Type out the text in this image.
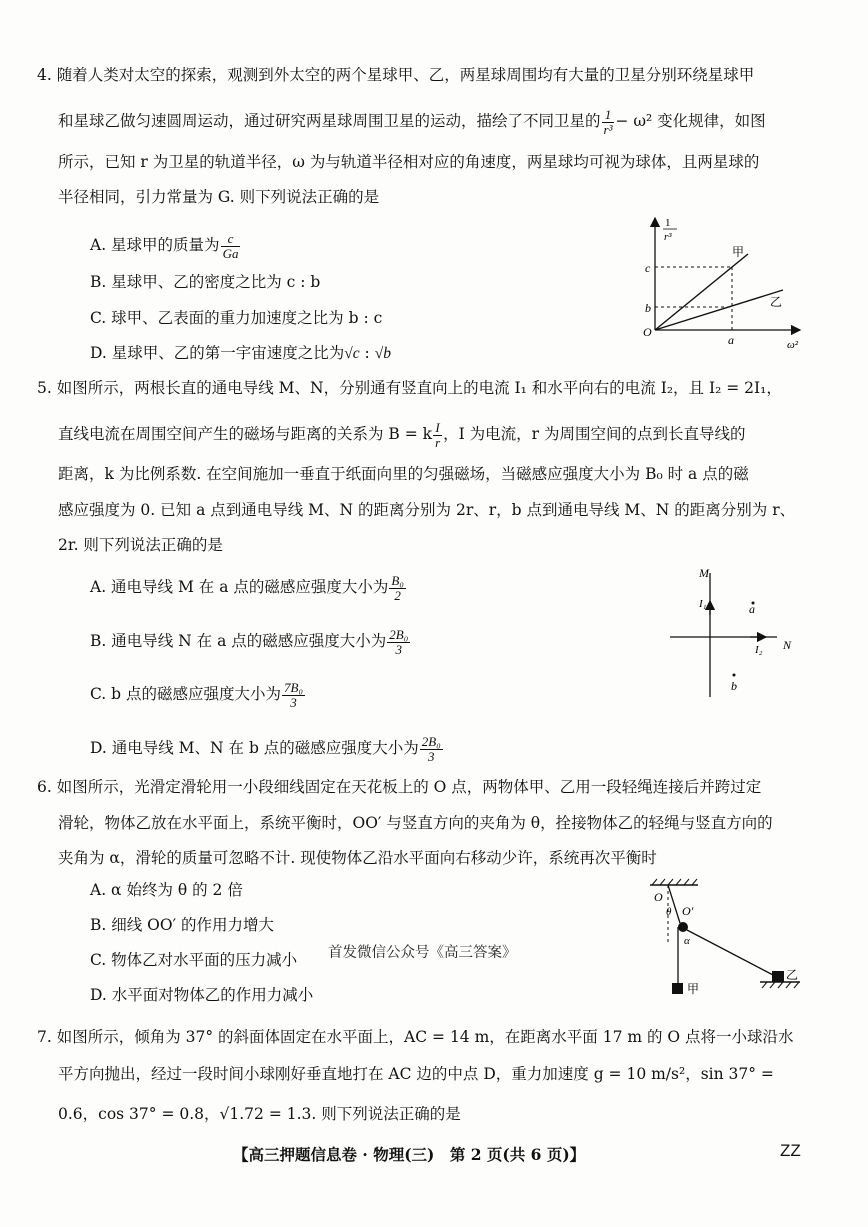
4. 随着人类对太空的探索，观测到外太空的两个星球甲、乙，两星球周围均有大量的卫星分别环绕星球甲
和星球乙做匀速圆周运动，通过研究两星球周围卫星的运动，描绘了不同卫星的 $\frac{1}{\text{r³}} - \omega^2$ 变化规律，如图
所示，已知 r 为卫星的轨道半径，ω 为与轨道半径相对应的角速度，两星球均可视为球体，且两星球的
半径相同，引力常量为 G. 则下列说法正确的是
A. 星球甲的质量为 $\frac{c}{Ga}$
B. 星球甲、乙的密度之比为 c : b
C. 球甲、乙表面的重力加速度之比为 b : c
D. 星球甲、乙的第一宇宙速度之比为√c : √b
1
r³
ω²
O
c
b
a
甲
乙
5. 如图所示，两根长直的通电导线 M、N，分别通有竖直向上的电流 I₁ 和水平向右的电流 I₂，且 I₂ = 2I₁，
直线电流在周围空间产生的磁场与距离的关系为 B = k $\frac{I}{r}$ ，I 为电流，r 为周围空间的点到长直导线的
距离，k 为比例系数. 在空间施加一垂直于纸面向里的匀强磁场，当磁感应强度大小为 B₀ 时 a 点的磁
感应强度为 0. 已知 a 点到通电导线 M、N 的距离分别为 2r、r，b 点到通电导线 M、N 的距离分别为 r、
2r. 则下列说法正确的是
A. 通电导线 M 在 a 点的磁感应强度大小为 $\frac{\text{B₀}}{2}$
B. 通电导线 N 在 a 点的磁感应强度大小为 $\frac{\text{2B₀}}{3}$
C. b 点的磁感应强度大小为 $\frac{\text{7B₀}}{3}$
D. 通电导线 M、N 在 b 点的磁感应强度大小为 $\frac{\text{2B₀}}{3}$
M
N
I₁
I₂
a
b
6. 如图所示，光滑定滑轮用一小段细线固定在天花板上的 O 点，两物体甲、乙用一段轻绳连接后并跨过定
滑轮，物体乙放在水平面上，系统平衡时，OO′ 与竖直方向的夹角为 θ，拴接物体乙的轻绳与竖直方向的
夹角为 α，滑轮的质量可忽略不计. 现使物体乙沿水平面向右移动少许，系统再次平衡时
A. α 始终为 θ 的 2 倍
B. 细线 OO′ 的作用力增大
C. 物体乙对水平面的压力减小
D. 水平面对物体乙的作用力减小
首发微信公众号《高三答案》
O
O′
θ
α
甲
乙
7. 如图所示，倾角为 37° 的斜面体固定在水平面上，AC = 14 m，在距离水平面 17 m 的 O 点将一小球沿水
平方向抛出，经过一段时间小球刚好垂直地打在 AC 边的中点 D，重力加速度 g = 10 m/s²，sin 37° =
0.6，cos 37° = 0.8，√1.72 = 1.3. 则下列说法正确的是
【高三押题信息卷 · 物理(三)　第 2 页(共 6 页)】	ZZ
